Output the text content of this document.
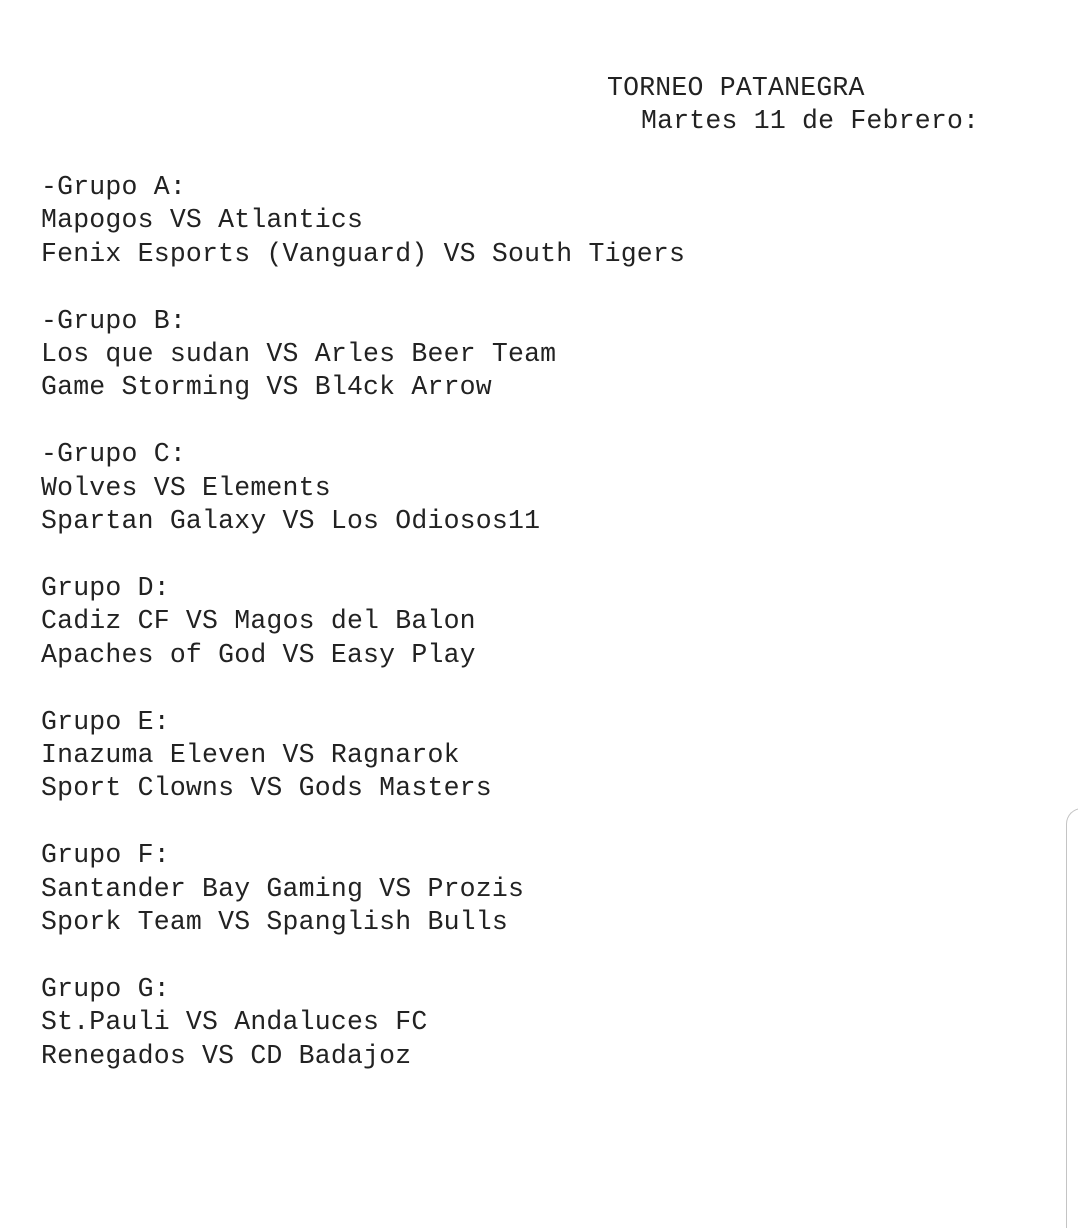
TORNEO PATANEGRA
Martes 11 de Febrero:
-Grupo A:
Mapogos VS Atlantics
Fenix Esports (Vanguard) VS South Tigers
-Grupo B:
Los que sudan VS Arles Beer Team
Game Storming VS Bl4ck Arrow
-Grupo C:
Wolves VS Elements
Spartan Galaxy VS Los Odiosos11
Grupo D:
Cadiz CF VS Magos del Balon
Apaches of God VS Easy Play
Grupo E:
Inazuma Eleven VS Ragnarok
Sport Clowns VS Gods Masters
Grupo F:
Santander Bay Gaming VS Prozis
Spork Team VS Spanglish Bulls
Grupo G:
St.Pauli VS Andaluces FC
Renegados VS CD Badajoz
